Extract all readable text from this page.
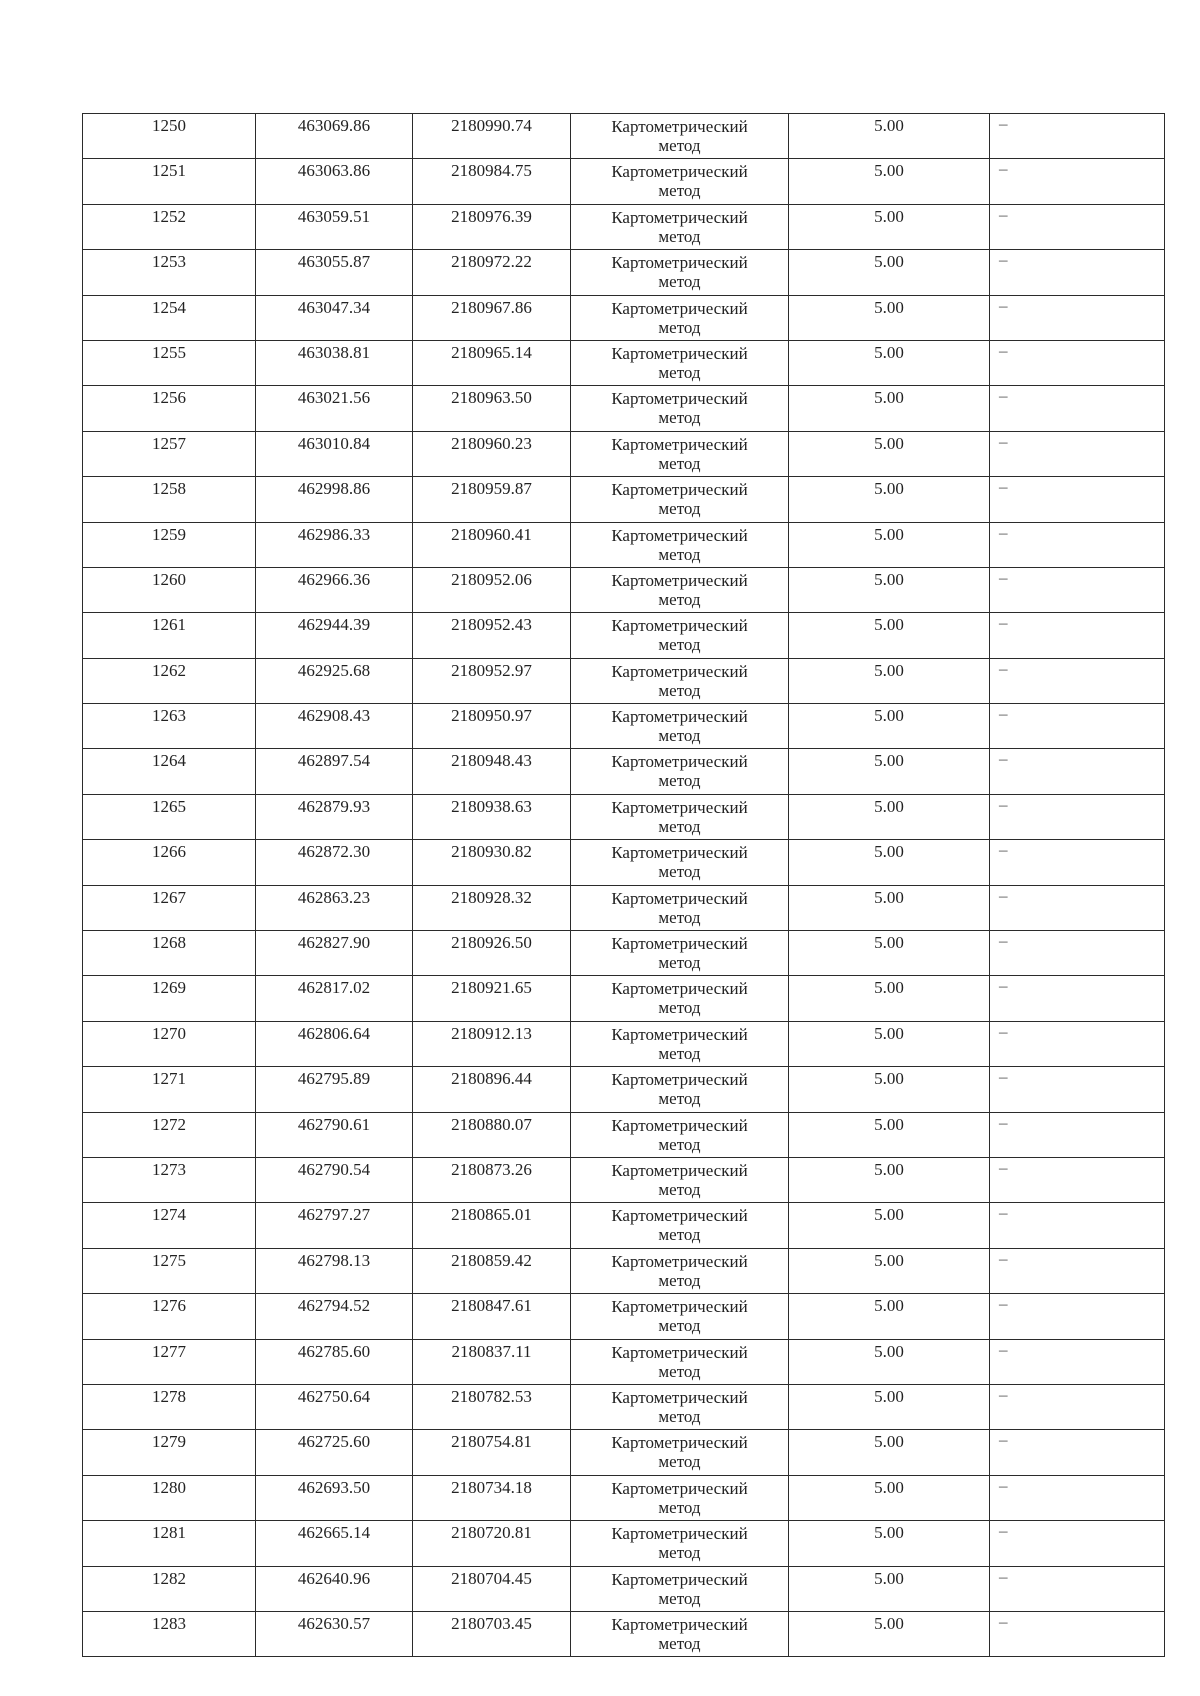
1250	463069.86	2180990.74	Картометрический
метод	5.00	–
1251	463063.86	2180984.75	Картометрический
метод	5.00	–
1252	463059.51	2180976.39	Картометрический
метод	5.00	–
1253	463055.87	2180972.22	Картометрический
метод	5.00	–
1254	463047.34	2180967.86	Картометрический
метод	5.00	–
1255	463038.81	2180965.14	Картометрический
метод	5.00	–
1256	463021.56	2180963.50	Картометрический
метод	5.00	–
1257	463010.84	2180960.23	Картометрический
метод	5.00	–
1258	462998.86	2180959.87	Картометрический
метод	5.00	–
1259	462986.33	2180960.41	Картометрический
метод	5.00	–
1260	462966.36	2180952.06	Картометрический
метод	5.00	–
1261	462944.39	2180952.43	Картометрический
метод	5.00	–
1262	462925.68	2180952.97	Картометрический
метод	5.00	–
1263	462908.43	2180950.97	Картометрический
метод	5.00	–
1264	462897.54	2180948.43	Картометрический
метод	5.00	–
1265	462879.93	2180938.63	Картометрический
метод	5.00	–
1266	462872.30	2180930.82	Картометрический
метод	5.00	–
1267	462863.23	2180928.32	Картометрический
метод	5.00	–
1268	462827.90	2180926.50	Картометрический
метод	5.00	–
1269	462817.02	2180921.65	Картометрический
метод	5.00	–
1270	462806.64	2180912.13	Картометрический
метод	5.00	–
1271	462795.89	2180896.44	Картометрический
метод	5.00	–
1272	462790.61	2180880.07	Картометрический
метод	5.00	–
1273	462790.54	2180873.26	Картометрический
метод	5.00	–
1274	462797.27	2180865.01	Картометрический
метод	5.00	–
1275	462798.13	2180859.42	Картометрический
метод	5.00	–
1276	462794.52	2180847.61	Картометрический
метод	5.00	–
1277	462785.60	2180837.11	Картометрический
метод	5.00	–
1278	462750.64	2180782.53	Картометрический
метод	5.00	–
1279	462725.60	2180754.81	Картометрический
метод	5.00	–
1280	462693.50	2180734.18	Картометрический
метод	5.00	–
1281	462665.14	2180720.81	Картометрический
метод	5.00	–
1282	462640.96	2180704.45	Картометрический
метод	5.00	–
1283	462630.57	2180703.45	Картометрический
метод	5.00	–
